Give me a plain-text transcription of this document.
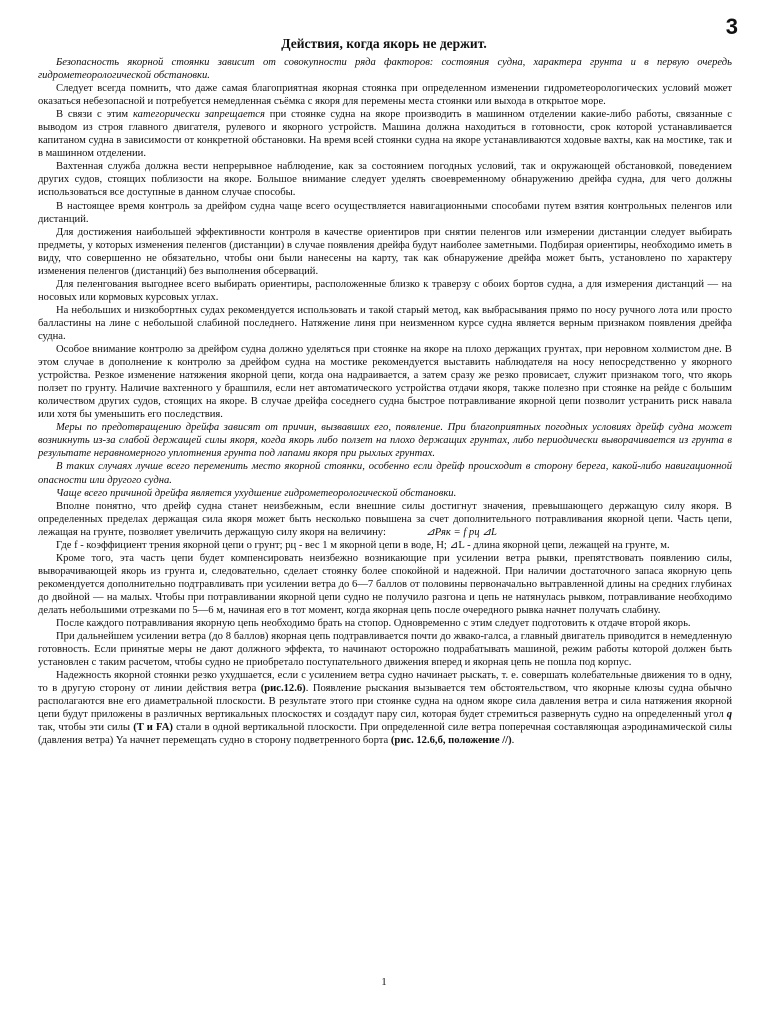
3
Действия, когда якорь не держит.

Безопасность якорной стоянки зависит от совокупности ряда факторов: состояния судна, характера грунта и в первую очередь гидрометеорологической обстановки.

Следует всегда помнить, что даже самая благоприятная якорная стоянка при определенном изменении гидрометеорологических условий может оказаться небезопасной и потребуется немедленная съёмка с якоря для перемены места стоянки или выхода в открытое море.

В связи с этим категорически запрещается при стоянке судна на якоре производить в машинном отделении какие-либо работы, связанные с выводом из строя главного двигателя, рулевого и якорного устройств. Машина должна находиться в готовности, срок которой устанавливается капитаном судна в зависимости от конкретной обстановки. На время всей стоянки судна на якоре устанавливаются ходовые вахты, как на мостике, так и в машинном отделении.

Вахтенная служба должна вести непрерывное наблюдение, как за состоянием погодных условий, так и окружающей обстановкой, поведением других судов, стоящих поблизости на якоре. Большое внимание следует уделять своевременному обнаружению дрейфа судна, для чего должны использоваться все доступные в данном случае способы.

В настоящее время контроль за дрейфом судна чаще всего осуществляется навигационными способами путем взятия контрольных пеленгов или дистанций.

Для достижения наибольшей эффективности контроля в качестве ориентиров при снятии пеленгов или измерении дистанции следует выбирать предметы, у которых изменения пеленгов (дистанции) в случае появления дрейфа будут наиболее заметными. Подбирая ориентиры, необходимо иметь в виду, что совершенно не обязательно, чтобы они были нанесены на карту, так как обнаружение дрейфа может быть, установлено по характеру изменения пеленгов (дистанций) без выполнения обсерваций.

Для пеленгования выгоднее всего выбирать ориентиры, расположенные близко к траверзу с обоих бортов судна, а для измерения дистанций — на носовых или кормовых курсовых углах.

На небольших и низкобортных судах рекомендуется использовать и такой старый метод, как выбрасывания прямо по носу ручного лота или просто балластины на лине с небольшой слабиной последнего. Натяжение линя при неизменном курсе судна является верным признаком появления дрейфа судна.

Особое внимание контролю за дрейфом судна должно уделяться при стоянке на якоре на плохо держащих грунтах, при неровном холмистом дне. В этом случае в дополнение к контролю за дрейфом судна на мостике рекомендуется выставить наблюдателя на носу непосредственно у якорного устройства. Резкое изменение натяжения якорной цепи, когда она надраивается, а затем сразу же резко провисает, служит признаком того, что якорь ползет по грунту. Наличие вахтенного у брашпиля, если нет автоматического устройства отдачи якоря, также полезно при стоянке на рейде с большим количеством других судов, стоящих на якоре. В случае дрейфа соседнего судна быстрое потравливание якорной цепи позволит устранить риск навала или хотя бы уменьшить его последствия.

Меры по предотвращению дрейфа зависят от причин, вызвавших его, появление. При благоприятных погодных условиях дрейф судна может возникнуть из-за слабой держащей силы якоря, когда якорь либо ползет на плохо держащих грунтах, либо периодически выворачивается из грунта в результате неравномерного уплотнения грунта под лапами якоря при рыхлых грунтах.

В таких случаях лучше всего переменить место якорной стоянки, особенно если дрейф происходит в сторону берега, какой-либо навигационной опасности или другого судна.

Чаще всего причиной дрейфа является ухудшение гидрометеорологической обстановки.

Вполне понятно, что дрейф судна станет неизбежным, если внешние силы достигнут значения, превышающего держащую силу якоря. В определенных пределах держащая сила якоря может быть несколько повышена за счет дополнительного потравливания якорной цепи. Часть цепи, лежащая на грунте, позволяет увеличить держащую силу якоря на величину:	⊿Ряк = f pц ⊿L

Где f - коэффициент трения якорной цепи о грунт; pц - вес 1 м якорной цепи в воде, Н; ⊿L - длина якорной цепи, лежащей на грунте, м.

Кроме того, эта часть цепи будет компенсировать неизбежно возникающие при усилении ветра рывки, препятствовать появлению силы, выворачивающей якорь из грунта и, следовательно, сделает стоянку более спокойной и надежной. При наличии достаточного запаса якорную цепь рекомендуется дополнительно подтравливать при усилении ветра до 6—7 баллов от половины первоначально вытравленной длины на средних глубинах до двойной — на малых. Чтобы при потравливании якорной цепи судно не получило разгона и цепь не натянулась рывком, потравливание необходимо делать небольшими отрезками по 5—6 м, начиная его в тот момент, когда якорная цепь после очередного рывка начнет получать слабину.

После каждого потравливания якорную цепь необходимо брать на стопор. Одновременно с этим следует подготовить к отдаче второй якорь.

При дальнейшем усилении ветра (до 8 баллов) якорная цепь подтравливается почти до жвако-галса, а главный двигатель приводится в немедленную готовность. Если принятые меры не дают должного эффекта, то начинают осторожно подрабатывать машиной, режим работы которой должен быть установлен с таким расчетом, чтобы судно не приобретало поступательного движения вперед и якорная цепь не пошла под корпус.

Надежность якорной стоянки резко ухудшается, если с усилением ветра судно начинает рыскать, т. е. совершать колебательные движения то в одну, то в другую сторону от линии действия ветра (рис.12.6). Появление рыскания вызывается тем обстоятельством, что якорные клюзы судна обычно располагаются вне его диаметральной плоскости. В результате этого при стоянке судна на одном якоре сила давления ветра и сила натяжения якорной цепи будут приложены в различных вертикальных плоскостях и создадут пару сил, которая будет стремиться развернуть судно на определенный угол q так, чтобы эти силы (T и FA) стали в одной вертикальной плоскости. При определенной силе ветра поперечная составляющая аэродинамической силы (давления ветра) Ya начнет перемещать судно в сторону подветренного борта (рис. 12.6,б, положение //).

1
